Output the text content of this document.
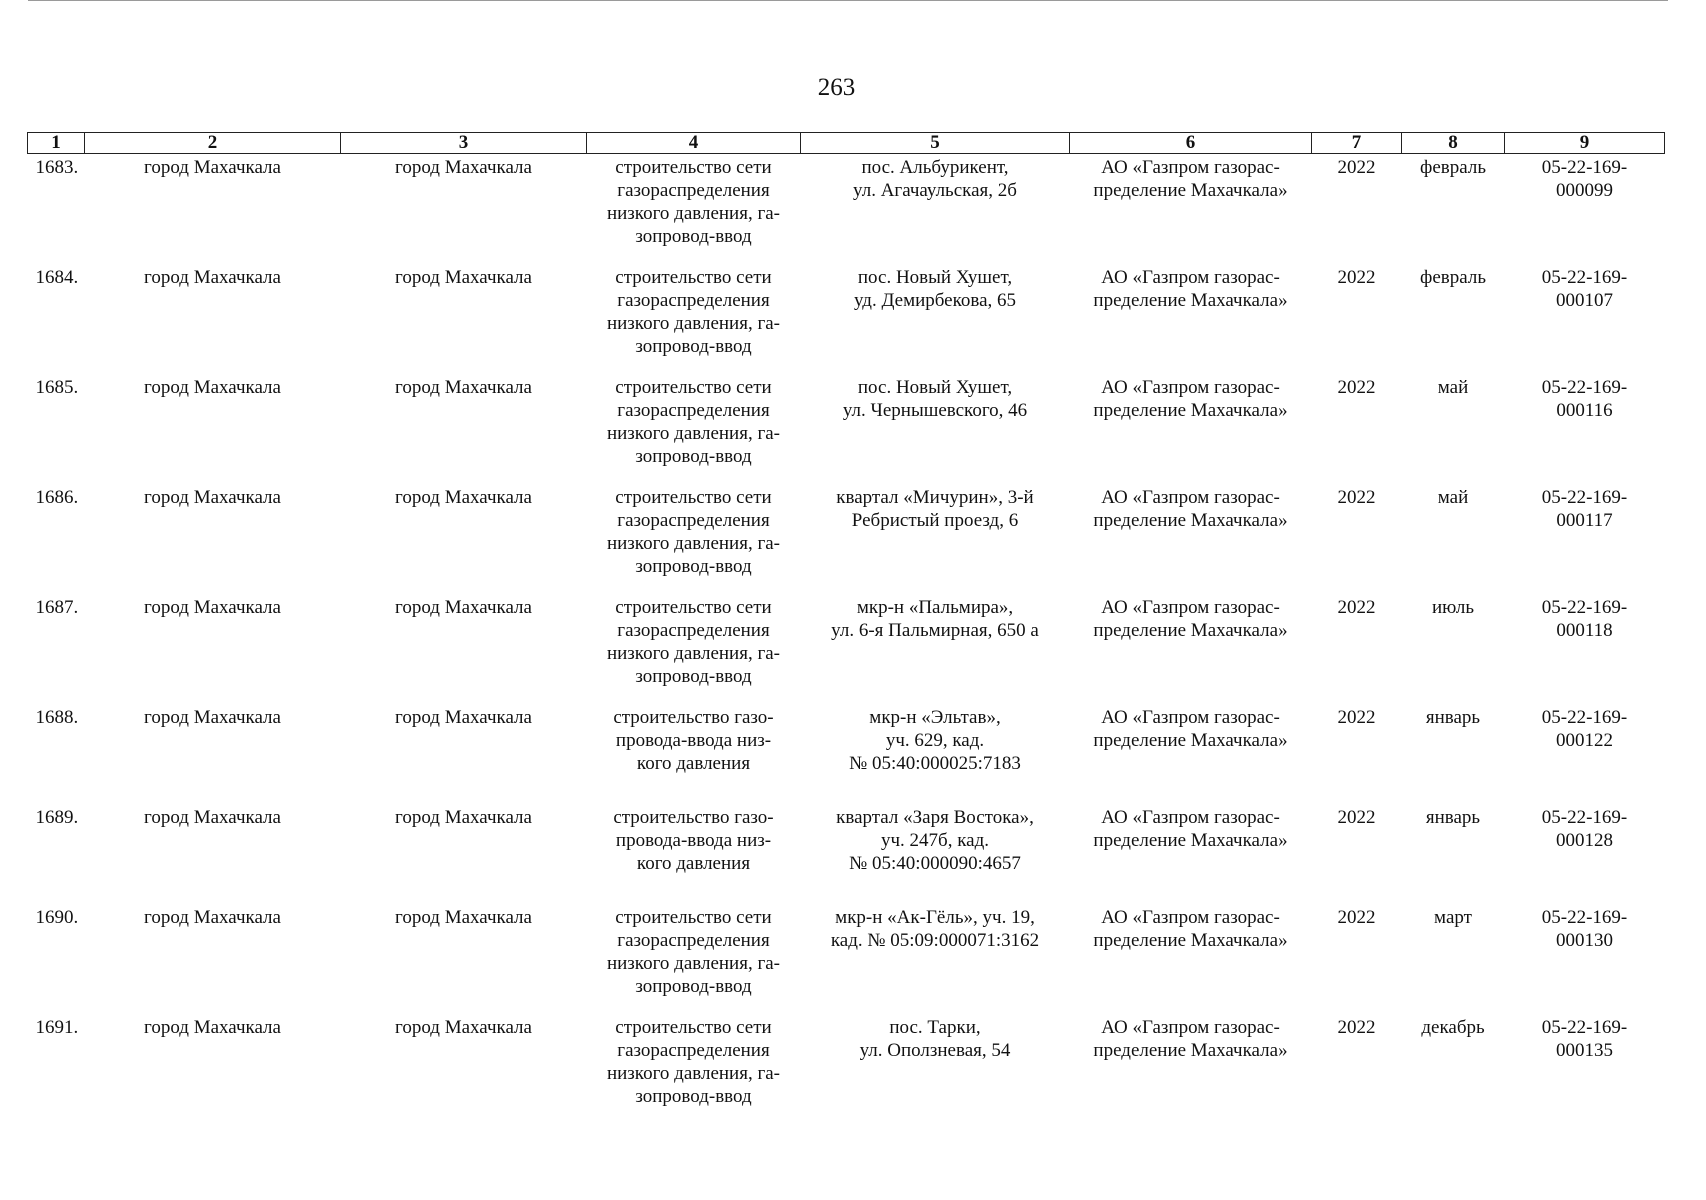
263
1	2	3	4	5	6	7	8	9
1683.	город Махачкала	город Махачкала	строительство сети
газораспределения
низкого давления, га-
зопровод-ввод	пос. Альбурикент,
ул. Агачаульская, 2б	АО «Газпром газорас-
пределение Махачкала»	2022	февраль	05-22-169-
000099
1684.	город Махачкала	город Махачкала	строительство сети
газораспределения
низкого давления, га-
зопровод-ввод	пос. Новый Хушет,
уд. Демирбекова, 65	АО «Газпром газорас-
пределение Махачкала»	2022	февраль	05-22-169-
000107
1685.	город Махачкала	город Махачкала	строительство сети
газораспределения
низкого давления, га-
зопровод-ввод	пос. Новый Хушет,
ул. Чернышевского, 46	АО «Газпром газорас-
пределение Махачкала»	2022	май	05-22-169-
000116
1686.	город Махачкала	город Махачкала	строительство сети
газораспределения
низкого давления, га-
зопровод-ввод	квартал «Мичурин», 3-й
Ребристый проезд, 6	АО «Газпром газорас-
пределение Махачкала»	2022	май	05-22-169-
000117
1687.	город Махачкала	город Махачкала	строительство сети
газораспределения
низкого давления, га-
зопровод-ввод	мкр-н «Пальмира»,
ул. 6-я Пальмирная, 650 а	АО «Газпром газорас-
пределение Махачкала»	2022	июль	05-22-169-
000118
1688.	город Махачкала	город Махачкала	строительство газо-
провода-ввода низ-
кого давления	мкр-н «Эльтав»,
уч. 629, кад.
№ 05:40:000025:7183	АО «Газпром газорас-
пределение Махачкала»	2022	январь	05-22-169-
000122
1689.	город Махачкала	город Махачкала	строительство газо-
провода-ввода низ-
кого давления	квартал «Заря Востока»,
уч. 247б, кад.
№ 05:40:000090:4657	АО «Газпром газорас-
пределение Махачкала»	2022	январь	05-22-169-
000128
1690.	город Махачкала	город Махачкала	строительство сети
газораспределения
низкого давления, га-
зопровод-ввод	мкр-н «Ак-Гёль», уч. 19,
кад. № 05:09:000071:3162	АО «Газпром газорас-
пределение Махачкала»	2022	март	05-22-169-
000130
1691.	город Махачкала	город Махачкала	строительство сети
газораспределения
низкого давления, га-
зопровод-ввод	пос. Тарки,
ул. Оползневая, 54	АО «Газпром газорас-
пределение Махачкала»	2022	декабрь	05-22-169-
000135
